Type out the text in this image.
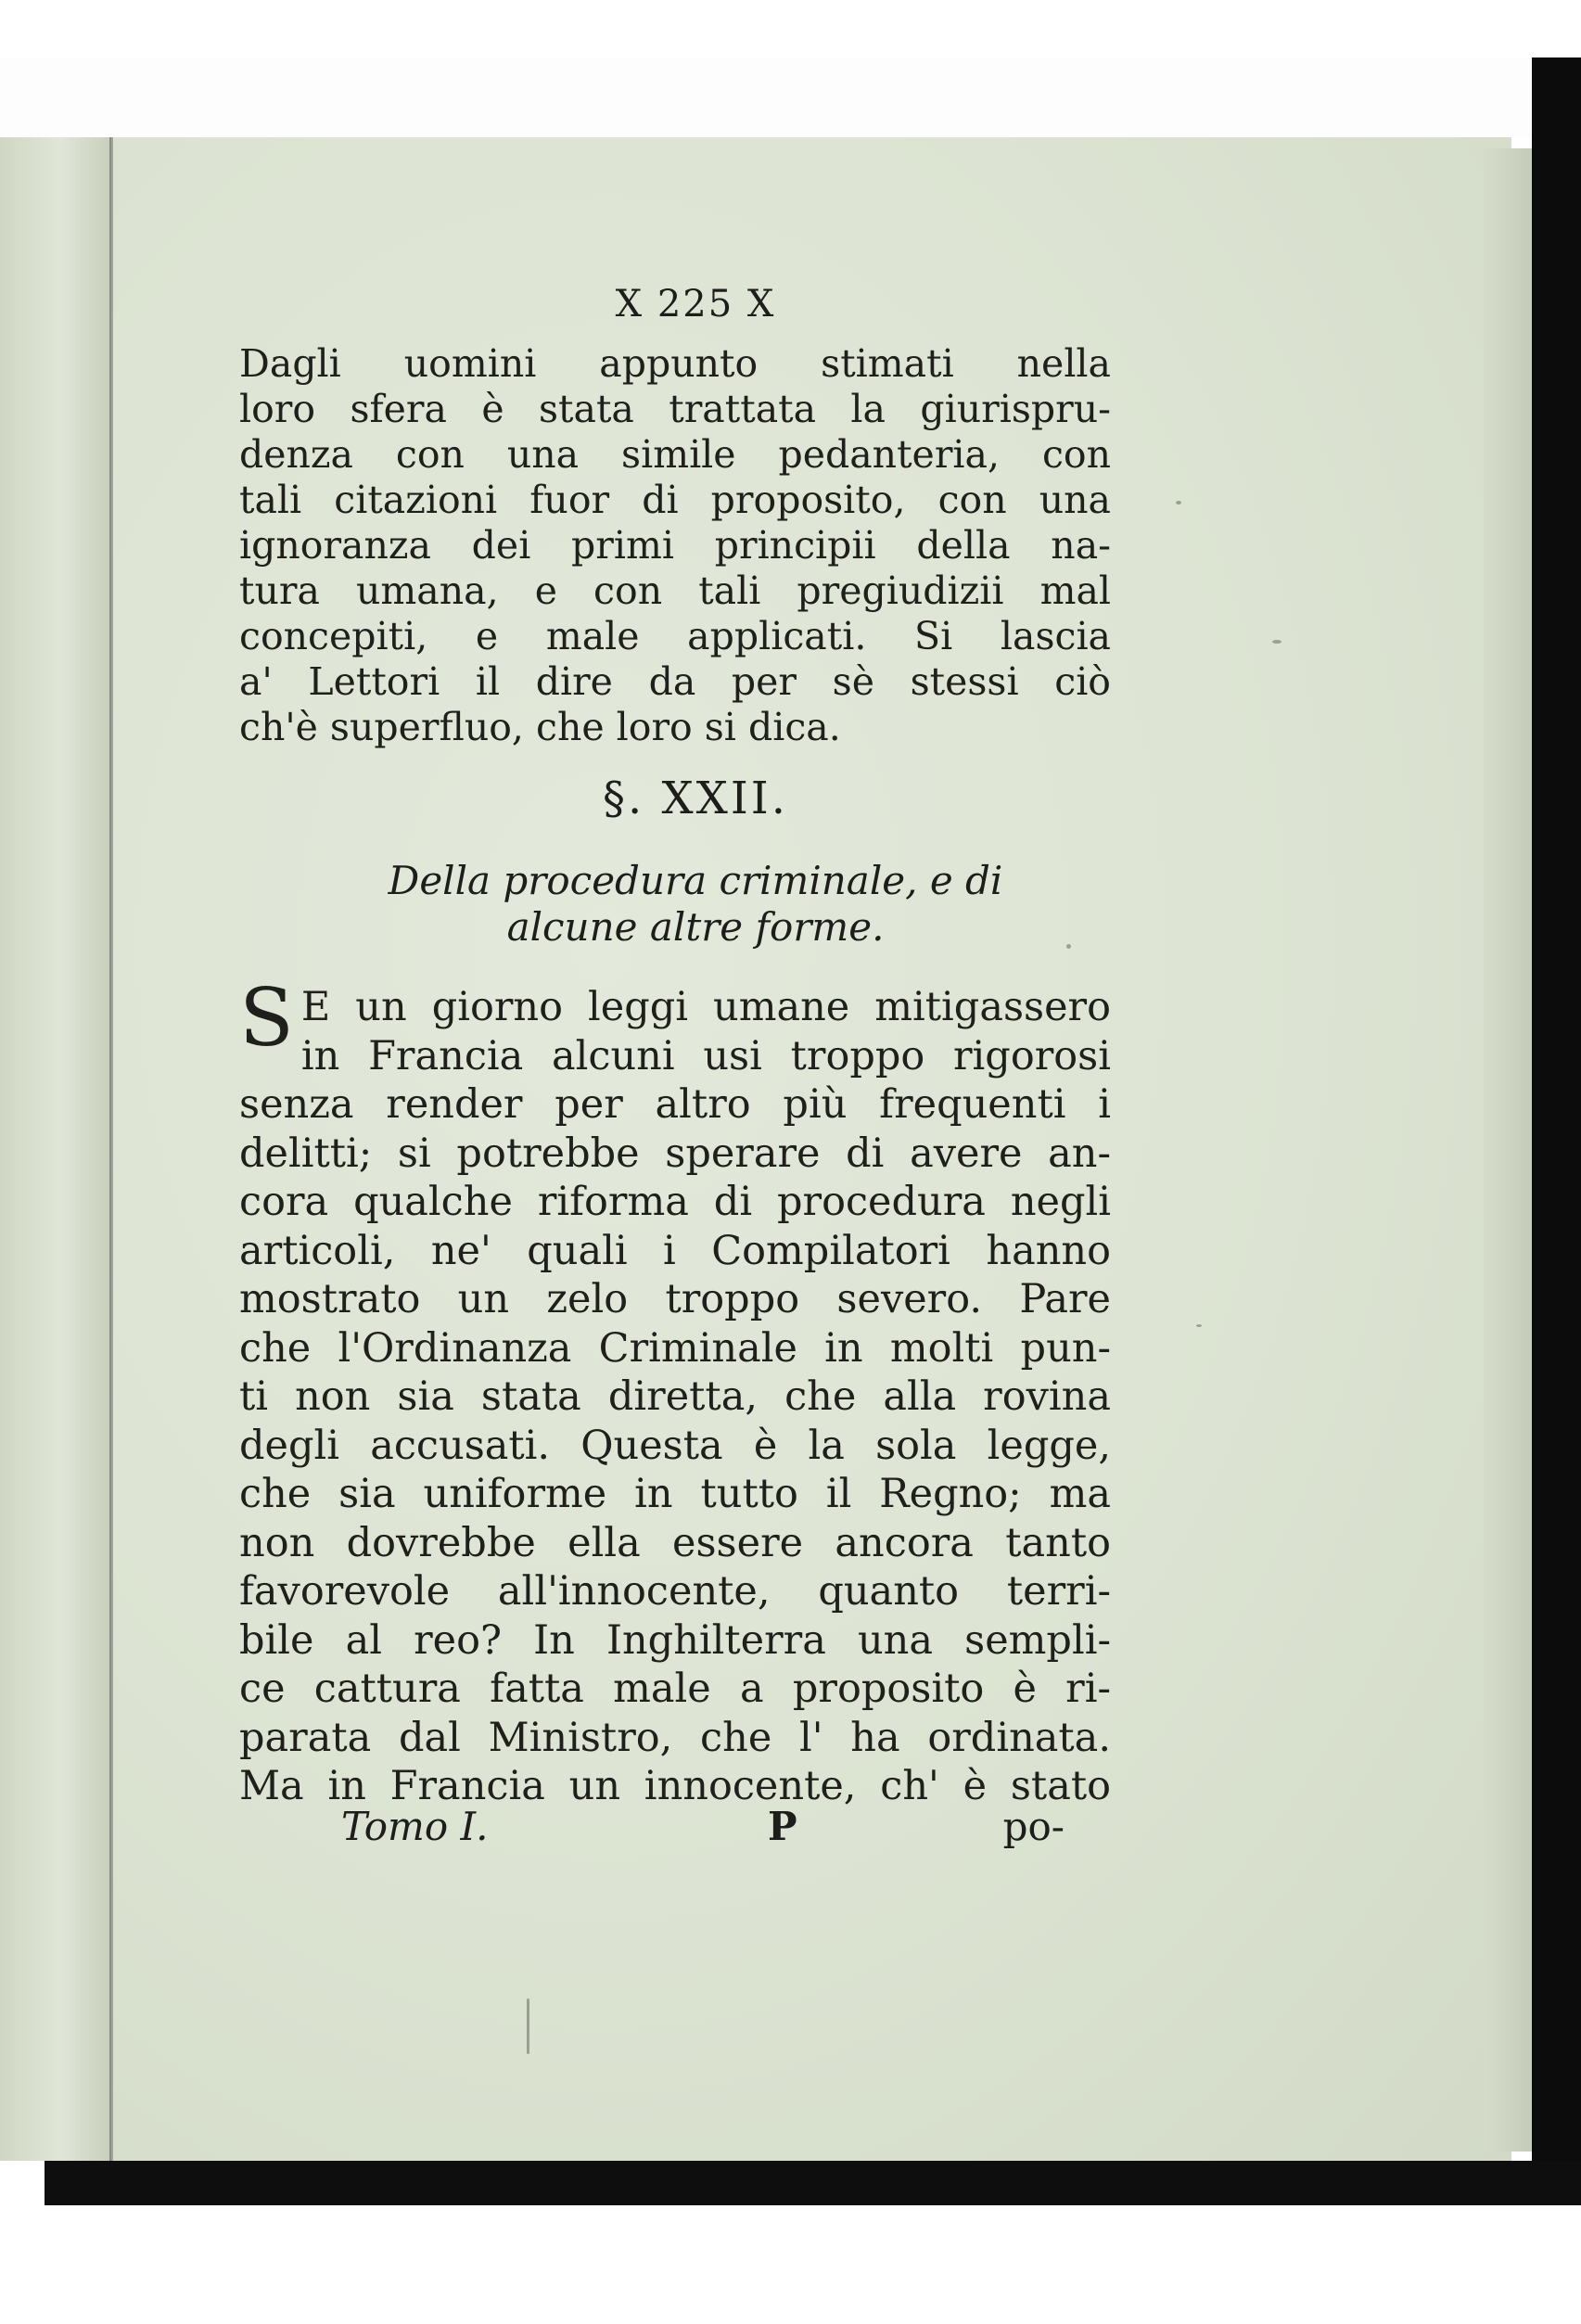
X 225 X
Dagli uomini appunto stimati nella
loro sfera è stata trattata la giurispru-
denza con una simile pedanteria, con
tali citazioni fuor di proposito, con una
ignoranza dei primi principii della na-
tura umana, e con tali pregiudizii mal
concepiti, e male applicati. Si lascia
a' Lettori il dire da per sè stessi ciò
ch'è superfluo, che loro si dica.
§. XXII.
Della procedura criminale, e di
alcune altre forme.
S E un giorno leggi umane mitigassero
in Francia alcuni usi troppo rigorosi
senza render per altro più frequenti i
delitti; si potrebbe sperare di avere an-
cora qualche riforma di procedura negli
articoli, ne' quali i Compilatori hanno
mostrato un zelo troppo severo. Pare
che l'Ordinanza Criminale in molti pun-
ti non sia stata diretta, che alla rovina
degli accusati. Questa è la sola legge,
che sia uniforme in tutto il Regno; ma
non dovrebbe ella essere ancora tanto
favorevole all'innocente, quanto terri-
bile al reo? In Inghilterra una sempli-
ce cattura fatta male a proposito è ri-
parata dal Ministro, che l' ha ordinata.
Ma in Francia un innocente, ch' è stato
Tomo I.	P	po-
